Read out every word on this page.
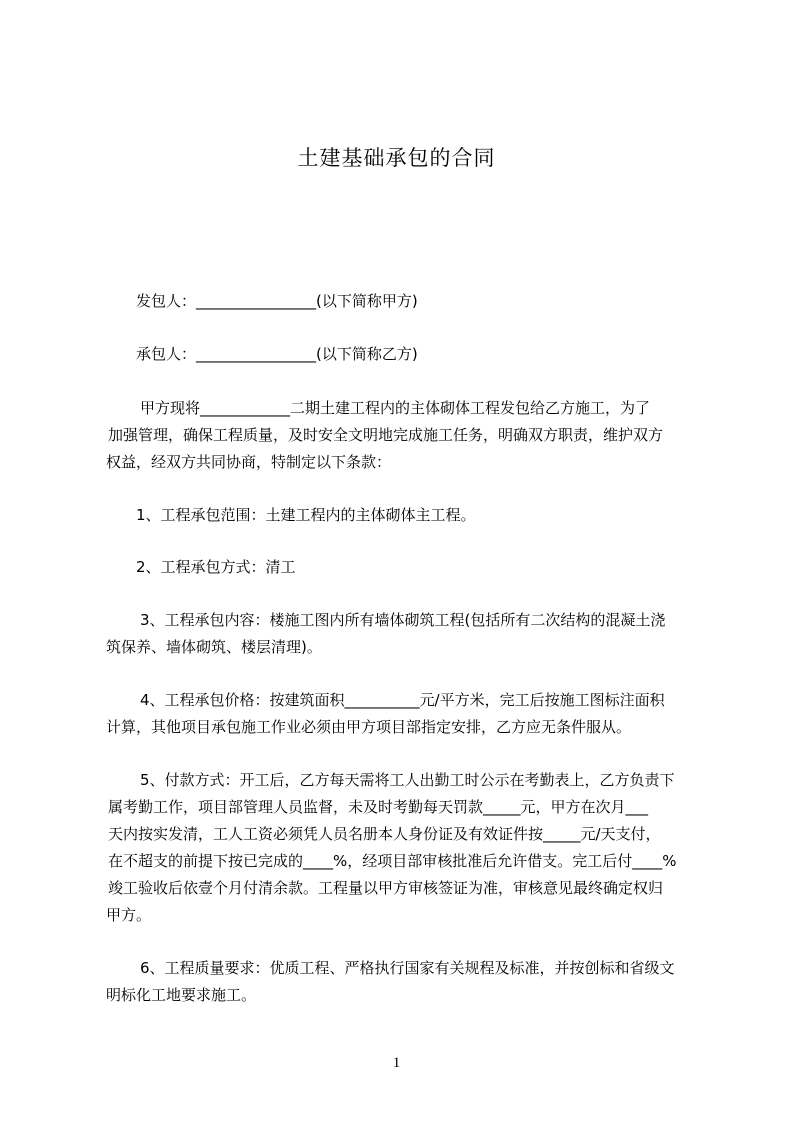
土建基础承包的合同
发包人：________________(以下简称甲方)
承包人：________________(以下简称乙方)
甲方现将____________二期土建工程内的主体砌体工程发包给乙方施工，为了
加强管理，确保工程质量，及时安全文明地完成施工任务，明确双方职责，维护双方
权益，经双方共同协商，特制定以下条款：
1、工程承包范围：土建工程内的主体砌体主工程。
2、工程承包方式：清工
3、工程承包内容：楼施工图内所有墙体砌筑工程(包括所有二次结构的混凝土浇
筑保养、墙体砌筑、楼层清理)。
4、工程承包价格：按建筑面积__________元/平方米，完工后按施工图标注面积
计算，其他项目承包施工作业必须由甲方项目部指定安排，乙方应无条件服从。
5、付款方式：开工后，乙方每天需将工人出勤工时公示在考勤表上，乙方负责下
属考勤工作，项目部管理人员监督，未及时考勤每天罚款_____元，甲方在次月___
天内按实发清，工人工资必须凭人员名册本人身份证及有效证件按_____元/天支付，
在不超支的前提下按已完成的____%，经项目部审核批准后允许借支。完工后付____%
竣工验收后依壹个月付清余款。工程量以甲方审核签证为准，审核意见最终确定权归
甲方。
6、工程质量要求：优质工程、严格执行国家有关规程及标准，并按创标和省级文
明标化工地要求施工。
1
